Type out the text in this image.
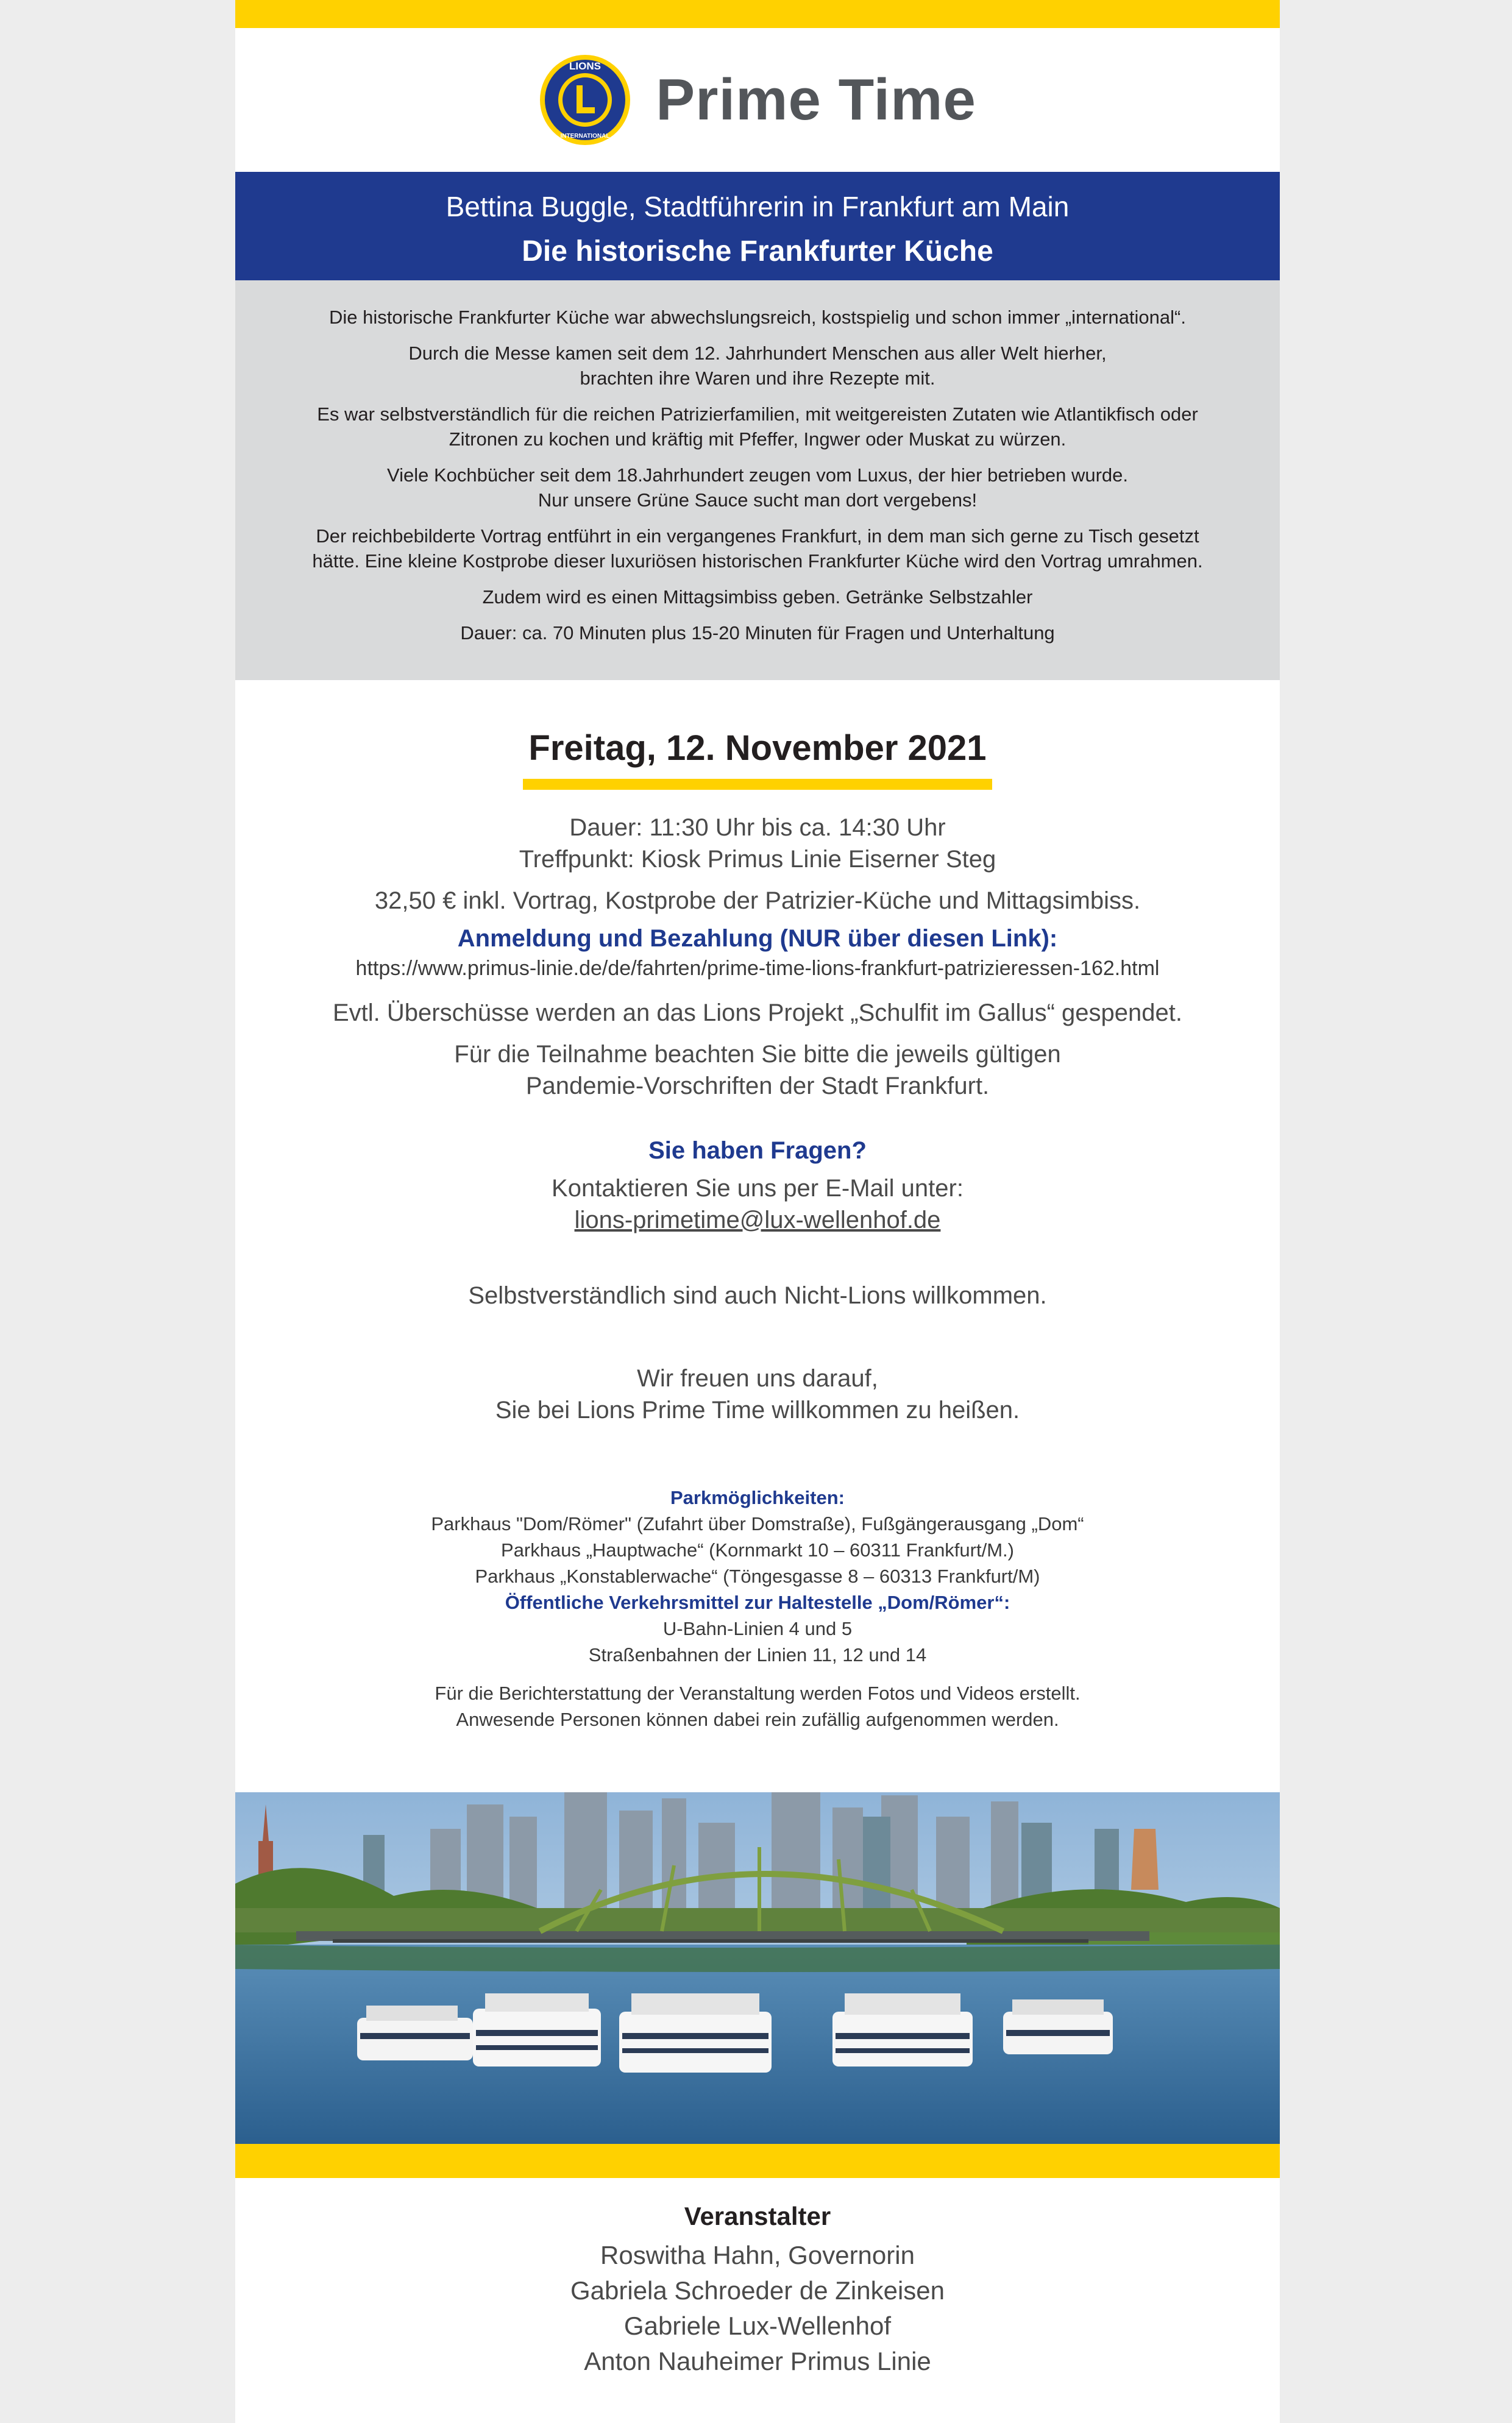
LIONS
INTERNATIONAL
Prime Time
Bettina Buggle, Stadtführerin in Frankfurt am Main
Die historische Frankfurter Küche

Die historische Frankfurter Küche war abwechslungsreich, kostspielig und schon immer „international“.

Durch die Messe kamen seit dem 12. Jahrhundert Menschen aus aller Welt hierher,
brachten ihre Waren und ihre Rezepte mit.

Es war selbstverständlich für die reichen Patrizierfamilien, mit weitgereisten Zutaten wie Atlantikfisch oder
Zitronen zu kochen und kräftig mit Pfeffer, Ingwer oder Muskat zu würzen.

Viele Kochbücher seit dem 18.Jahrhundert zeugen vom Luxus, der hier betrieben wurde.
Nur unsere Grüne Sauce sucht man dort vergebens!

Der reichbebilderte Vortrag entführt in ein vergangenes Frankfurt, in dem man sich gerne zu Tisch gesetzt
hätte. Eine kleine Kostprobe dieser luxuriösen historischen Frankfurter Küche wird den Vortrag umrahmen.

Zudem wird es einen Mittagsimbiss geben. Getränke Selbstzahler

Dauer: ca. 70 Minuten plus 15-20 Minuten für Fragen und Unterhaltung

Freitag, 12. November 2021
Dauer: 11:30 Uhr bis ca. 14:30 Uhr
Treffpunkt: Kiosk Primus Linie Eiserner Steg
32,50 € inkl. Vortrag, Kostprobe der Patrizier-Küche und Mittagsimbiss.
Anmeldung und Bezahlung (NUR über diesen Link):
https://www.primus-linie.de/de/fahrten/prime-time-lions-frankfurt-patrizieressen-162.html
Evtl. Überschüsse werden an das Lions Projekt „Schulfit im Gallus“ gespendet.
Für die Teilnahme beachten Sie bitte die jeweils gültigen
Pandemie-Vorschriften der Stadt Frankfurt.
Sie haben Fragen?
Kontaktieren Sie uns per E-Mail unter:
lions-primetime@lux-wellenhof.de
Selbstverständlich sind auch Nicht-Lions willkommen.
Wir freuen uns darauf,
Sie bei Lions Prime Time willkommen zu heißen.
Parkmöglichkeiten:
Parkhaus "Dom/Römer" (Zufahrt über Domstraße), Fußgängerausgang „Dom“
Parkhaus „Hauptwache“ (Kornmarkt 10 – 60311 Frankfurt/M.)
Parkhaus „Konstablerwache“ (Töngesgasse 8 – 60313 Frankfurt/M)
Öffentliche Verkehrsmittel zur Haltestelle „Dom/Römer“:
U-Bahn-Linien 4 und 5
Straßenbahnen der Linien 11, 12 und 14
Für die Berichterstattung der Veranstaltung werden Fotos und Videos erstellt.
Anwesende Personen können dabei rein zufällig aufgenommen werden.
Veranstalter
Roswitha Hahn, Governorin
Gabriela Schroeder de Zinkeisen
Gabriele Lux-Wellenhof
Anton Nauheimer Primus Linie
